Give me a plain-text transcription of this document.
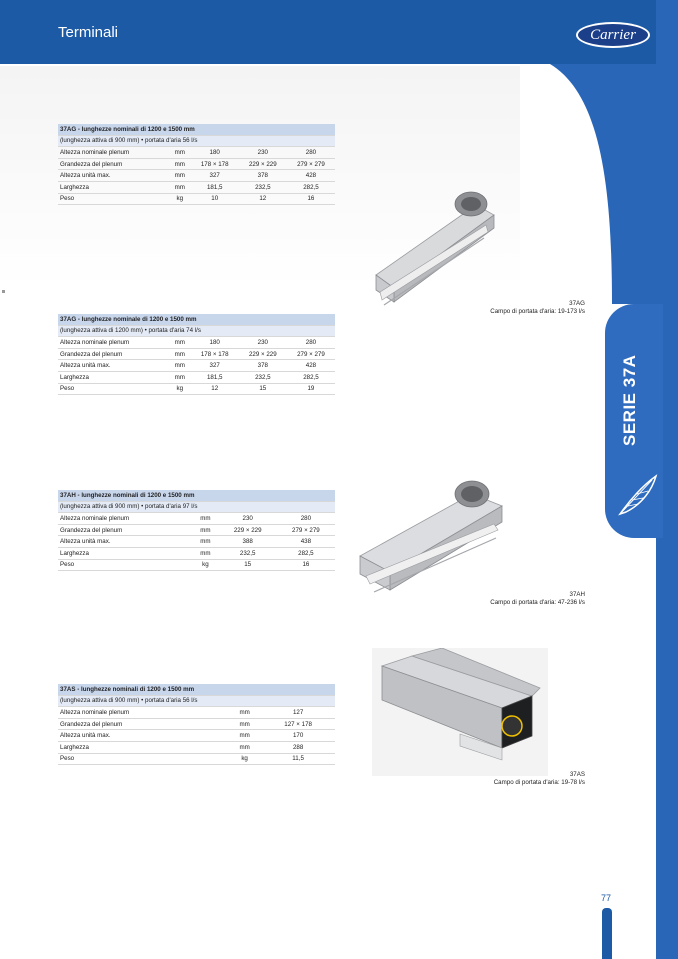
Terminali	Carrier
SERIE 37A
37AG - lunghezze nominali di 1200 e 1500 mm				
(lunghezza attiva di 900 mm) • portata d'aria 56 l/s				
Altezza nominale plenum	mm	180	230	280
Grandezza del plenum	mm	178 × 178	229 × 229	279 × 279
Altezza unità max.	mm	327	378	428
Larghezza	mm	181,5	232,5	282,5
Peso	kg	10	12	16
37AG - lunghezze nominale di 1200 e 1500 mm				
(lunghezza attiva di 1200 mm) • portata d'aria 74 l/s				
Altezza nominale plenum	mm	180	230	280
Grandezza del plenum	mm	178 × 178	229 × 229	279 × 279
Altezza unità max.	mm	327	378	428
Larghezza	mm	181,5	232,5	282,5
Peso	kg	12	15	19
37AH - lunghezze nominali di 1200 e 1500 mm			
(lunghezza attiva di 900 mm) • portata d'aria 97 l/s			
Altezza nominale plenum	mm	230	280
Grandezza del plenum	mm	229 × 229	279 × 279
Altezza unità max.	mm	388	438
Larghezza	mm	232,5	282,5
Peso	kg	15	16
37AS - lunghezze nominali di 1200 e 1500 mm		
(lunghezza attiva di 900 mm) • portata d'aria 56 l/s		
Altezza nominale plenum	mm	127
Grandezza del plenum	mm	127 × 178
Altezza unità max.	mm	170
Larghezza	mm	288
Peso	kg	11,5
37AG
Campo di portata d'aria: 19-173 l/s
37AH
Campo di portata d'aria: 47-236 l/s
37AS
Campo di portata d'aria: 19-78 l/s
77
